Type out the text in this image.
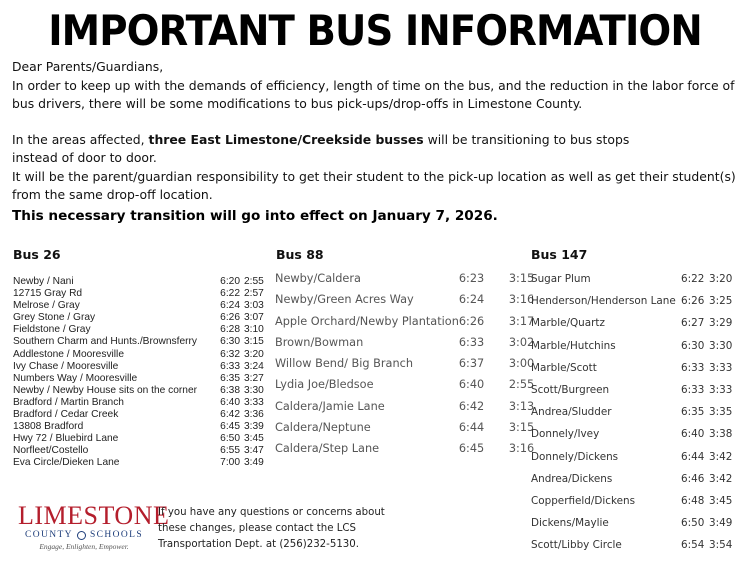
IMPORTANT BUS INFORMATION

Dear Parents/Guardians,

In order to keep up with the demands of efficiency, length of time on the bus, and the reduction in the labor force of bus drivers, there will be some modifications to bus pick-ups/drop-offs in Limestone County.

In the areas affected, three East Limestone/Creekside busses will be transitioning to bus stops

instead of door to door.

It will be the parent/guardian responsibility to get their student to the pick-up location as well as get their student(s) from the same drop-off location.

This necessary transition will go into effect on January 7, 2026.

Bus 26	Bus 88	Bus 147
Newby / Nani	6:20	2:55
12715 Gray Rd	6:22	2:57
Melrose / Gray	6:24	3:03
Grey Stone / Gray	6:26	3:07
Fieldstone / Gray	6:28	3:10
Southern Charm and Hunts./Brownsferry	6:30	3:15
Addlestone / Mooresville	6:32	3:20
Ivy Chase / Mooresville	6:33	3:24
Numbers Way / Mooresville	6:35	3:27
Newby / Newby House sits on the corner	6:38	3:30
Bradford / Martin Branch	6:40	3:33
Bradford / Cedar Creek	6:42	3:36
13808 Bradford	6:45	3:39
Hwy 72 / Bluebird Lane	6:50	3:45
Norfleet/Costello	6:55	3:47
Eva Circle/Dieken Lane	7:00	3:49
Newby/Caldera	6:23	3:15
Newby/Green Acres Way	6:24	3:16
Apple Orchard/Newby Plantation	6:26	3:17
Brown/Bowman	6:33	3:02
Willow Bend/ Big Branch	6:37	3:00
Lydia Joe/Bledsoe	6:40	2:55
Caldera/Jamie Lane	6:42	3:13
Caldera/Neptune	6:44	3:15
Caldera/Step Lane	6:45	3:16
Sugar Plum	6:22	3:20
Henderson/Henderson Lane	6:26	3:25
Marble/Quartz	6:27	3:29
Marble/Hutchins	6:30	3:30
Marble/Scott	6:33	3:33
Scott/Burgreen	6:33	3:33
Andrea/Sludder	6:35	3:35
Donnely/Ivey	6:40	3:38
Donnely/Dickens	6:44	3:42
Andrea/Dickens	6:46	3:42
Copperfield/Dickens	6:48	3:45
Dickens/Maylie	6:50	3:49
Scott/Libby Circle	6:54	3:54
LIMESTONE
COUNTY SCHOOLS
Engage, Enlighten, Empower.
If you have any questions or concerns about these changes, please contact the LCS Transportation Dept. at (256)232-5130.
